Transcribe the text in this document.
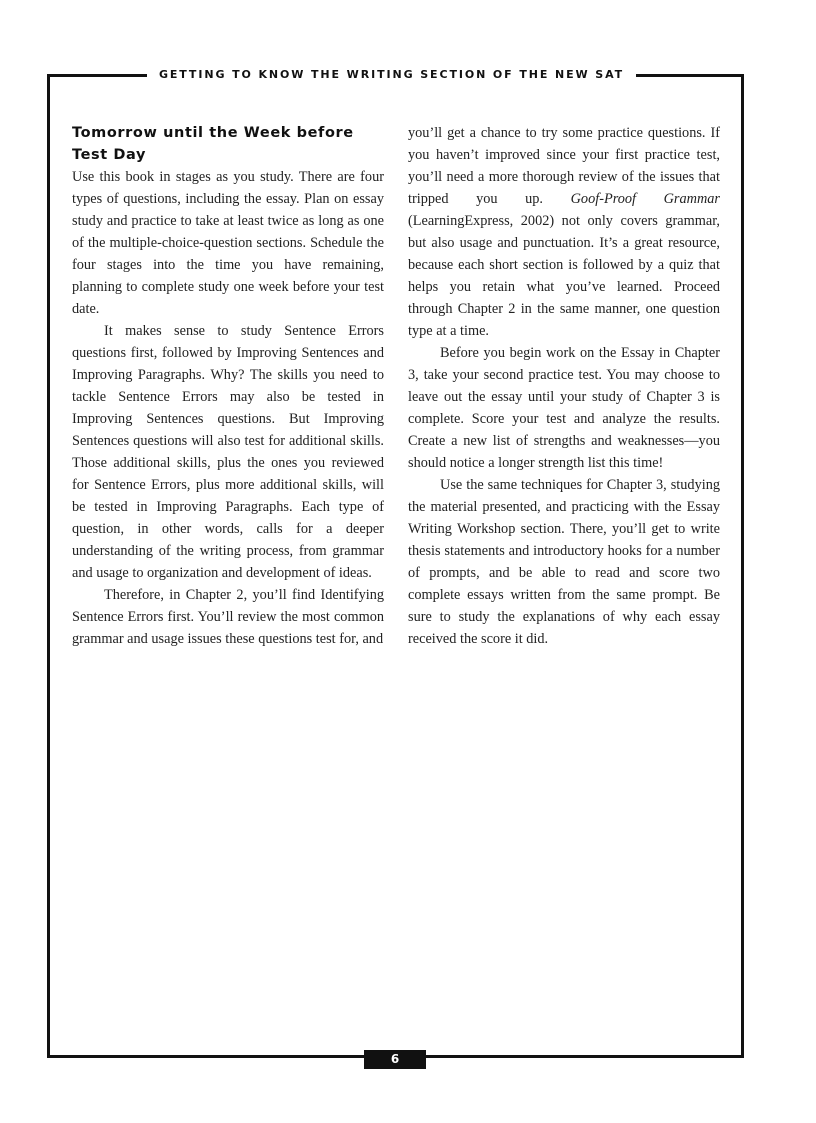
GETTING TO KNOW THE WRITING SECTION OF THE NEW SAT
Tomorrow until the Week before Test Day

Use this book in stages as you study. There are four types of questions, including the essay. Plan on essay study and practice to take at least twice as long as one of the multiple-choice-question sections. Schedule the four stages into the time you have remaining, planning to complete study one week before your test date.

It makes sense to study Sentence Errors questions first, followed by Improving Sentences and Improving Paragraphs. Why? The skills you need to tackle Sentence Errors may also be tested in Improving Sentences questions. But Improving Sentences questions will also test for additional skills. Those additional skills, plus the ones you reviewed for Sentence Errors, plus more additional skills, will be tested in Improving Paragraphs. Each type of question, in other words, calls for a deeper understanding of the writing process, from grammar and usage to organization and development of ideas.

Therefore, in Chapter 2, you’ll find Identifying Sentence Errors first. You’ll review the most common grammar and usage issues these questions test for, and

you’ll get a chance to try some practice questions. If you haven’t improved since your first practice test, you’ll need a more thorough review of the issues that tripped you up. Goof-Proof Grammar (LearningExpress, 2002) not only covers grammar, but also usage and punctuation. It’s a great resource, because each short section is followed by a quiz that helps you retain what you’ve learned. Proceed through Chapter 2 in the same manner, one question type at a time.

Before you begin work on the Essay in Chapter 3, take your second practice test. You may choose to leave out the essay until your study of Chapter 3 is complete. Score your test and analyze the results. Create a new list of strengths and weaknesses—you should notice a longer strength list this time!

Use the same techniques for Chapter 3, studying the material presented, and practicing with the Essay Writing Workshop section. There, you’ll get to write thesis statements and introductory hooks for a number of prompts, and be able to read and score two complete essays written from the same prompt. Be sure to study the explanations of why each essay received the score it did.

6
